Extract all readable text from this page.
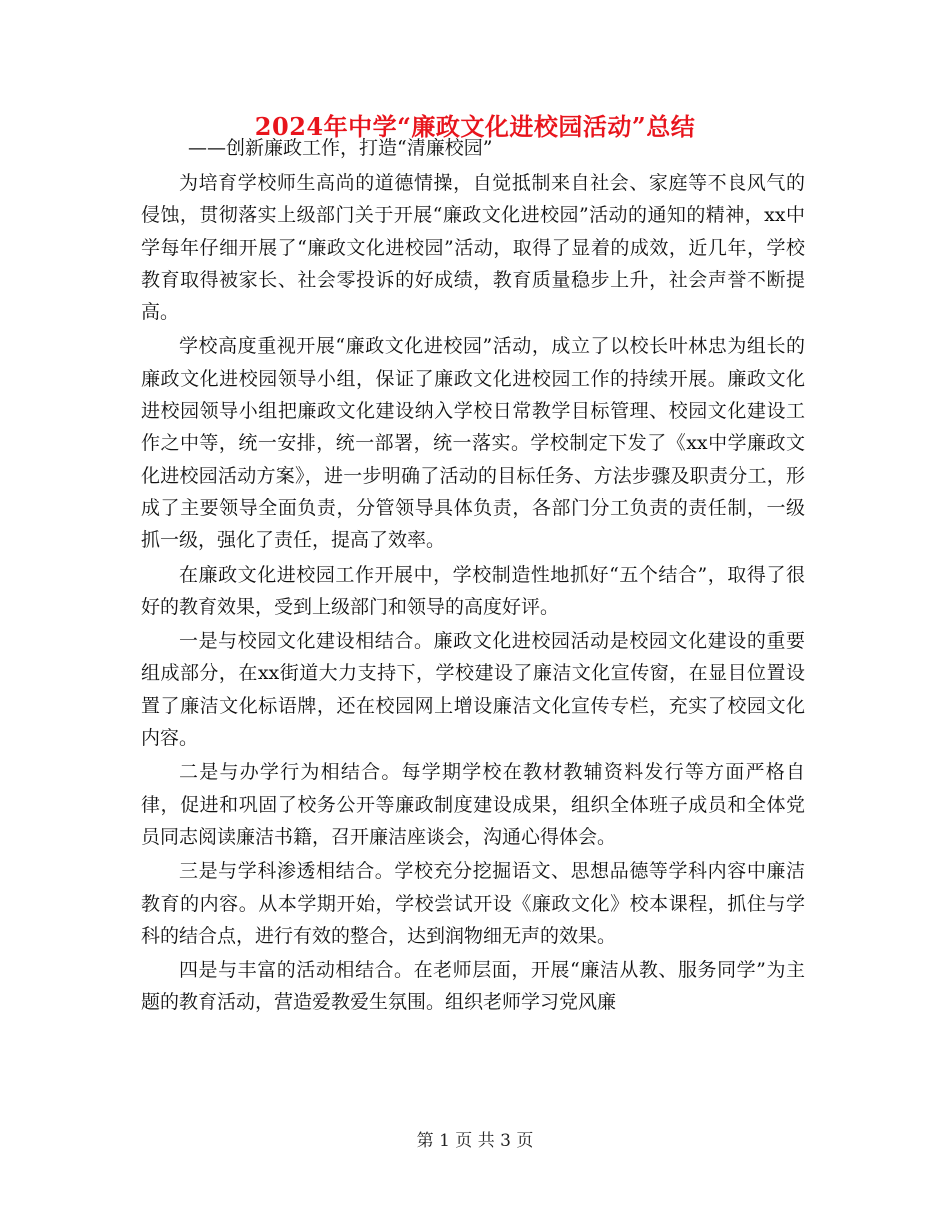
2024年中学“廉政文化进校园活动”总结
——创新廉政工作，打造“清廉校园”

为培育学校师生高尚的道德情操，自觉抵制来自社会、家庭等不良风气的侵蚀，贯彻落实上级部门关于开展“廉政文化进校园”活动的通知的精神，xx中学每年仔细开展了“廉政文化进校园”活动，取得了显着的成效，近几年，学校教育取得被家长、社会零投诉的好成绩，教育质量稳步上升，社会声誉不断提高。

学校高度重视开展“廉政文化进校园”活动，成立了以校长叶林忠为组长的廉政文化进校园领导小组，保证了廉政文化进校园工作的持续开展。廉政文化进校园领导小组把廉政文化建设纳入学校日常教学目标管理、校园文化建设工作之中等，统一安排，统一部署，统一落实。学校制定下发了《xx中学廉政文化进校园活动方案》，进一步明确了活动的目标任务、方法步骤及职责分工，形成了主要领导全面负责，分管领导具体负责，各部门分工负责的责任制，一级抓一级，强化了责任，提高了效率。

在廉政文化进校园工作开展中，学校制造性地抓好“五个结合”，取得了很好的教育效果，受到上级部门和领导的高度好评。

一是与校园文化建设相结合。廉政文化进校园活动是校园文化建设的重要组成部分，在xx街道大力支持下，学校建设了廉洁文化宣传窗，在显目位置设置了廉洁文化标语牌，还在校园网上增设廉洁文化宣传专栏，充实了校园文化内容。

二是与办学行为相结合。每学期学校在教材教辅资料发行等方面严格自律，促进和巩固了校务公开等廉政制度建设成果，组织全体班子成员和全体党员同志阅读廉洁书籍，召开廉洁座谈会，沟通心得体会。

三是与学科渗透相结合。学校充分挖掘语文、思想品德等学科内容中廉洁教育的内容。从本学期开始，学校尝试开设《廉政文化》校本课程，抓住与学科的结合点，进行有效的整合，达到润物细无声的效果。

四是与丰富的活动相结合。在老师层面，开展“廉洁从教、服务同学”为主题的教育活动，营造爱教爱生氛围。组织老师学习党风廉

第 1 页 共 3 页
